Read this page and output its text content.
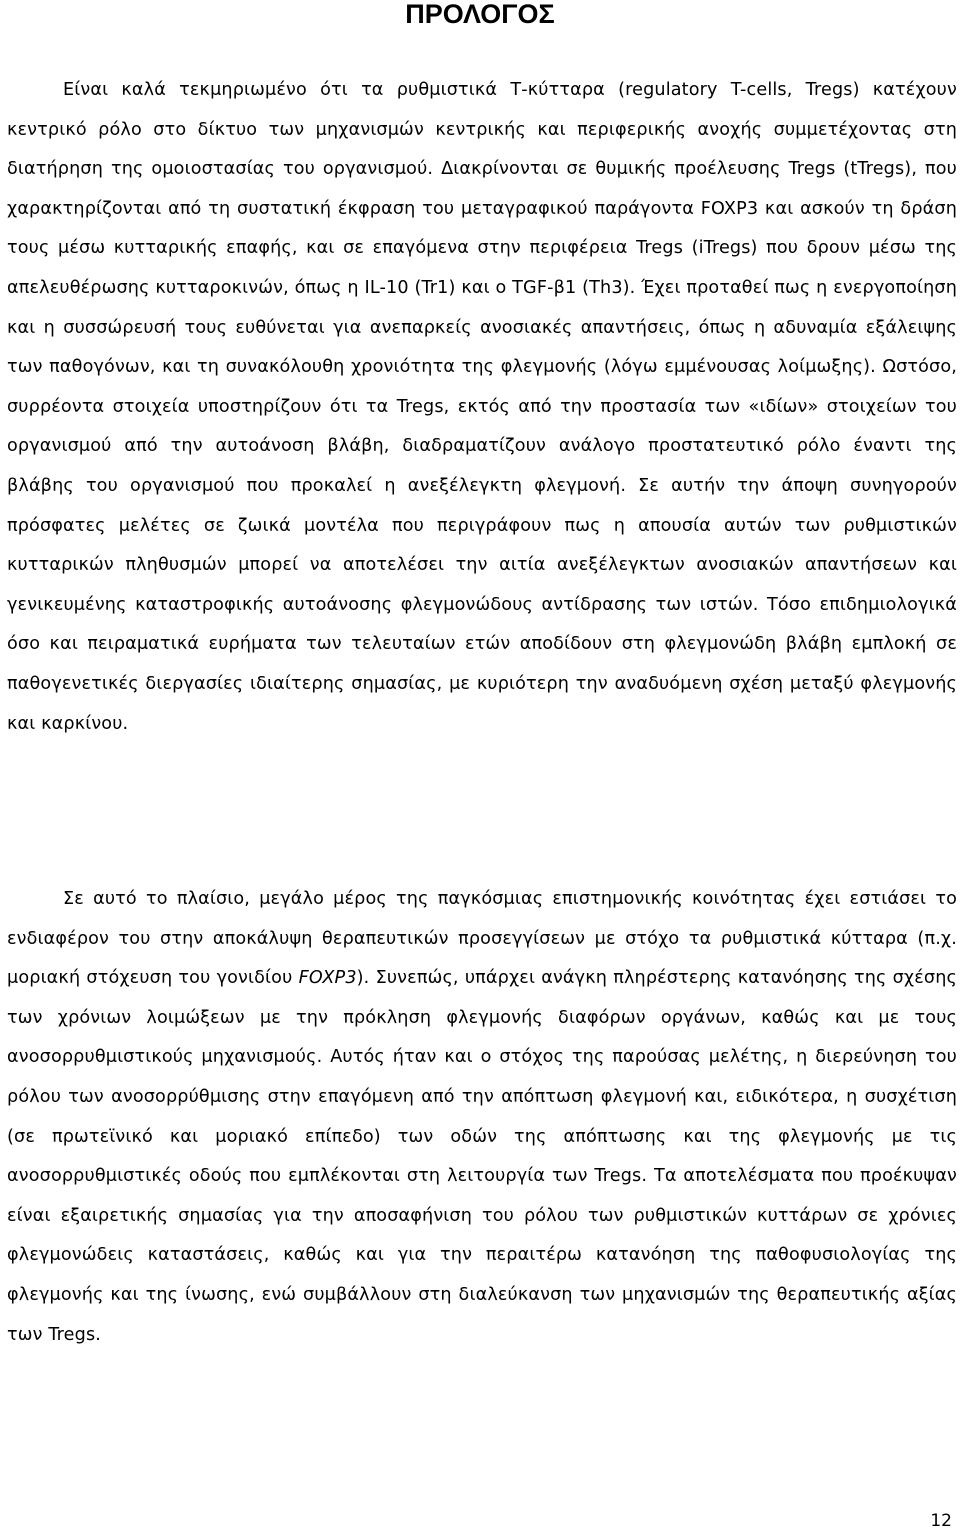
ΠΡΟΛΟΓΟΣ

Είναι καλά τεκμηριωμένο ότι τα ρυθμιστικά Τ-κύτταρα (regulatory T-cells, Tregs) κατέχουν κεντρικό ρόλο στο δίκτυο των μηχανισμών κεντρικής και περιφερικής ανοχής συμμετέχοντας στη διατήρηση της ομοιοστασίας του οργανισμού. Διακρίνονται σε θυμικής προέλευσης Tregs (tTregs), που χαρακτηρίζονται από τη συστατική έκφραση του μεταγραφικού παράγοντα FOXP3 και ασκούν τη δράση τους μέσω κυτταρικής επαφής, και σε επαγόμενα στην περιφέρεια Tregs (iTregs) που δρουν μέσω της απελευθέρωσης κυτταροκινών, όπως η IL-10 (Tr1) και ο TGF-β1 (Th3). Έχει προταθεί πως η ενεργοποίηση και η συσσώρευσή τους ευθύνεται για ανεπαρκείς ανοσιακές απαντήσεις, όπως η αδυναμία εξάλειψης των παθογόνων, και τη συνακόλουθη χρονιότητα της φλεγμονής (λόγω εμμένουσας λοίμωξης). Ωστόσο, συρρέοντα στοιχεία υποστηρίζουν ότι τα Tregs, εκτός από την προστασία των «ιδίων» στοιχείων του οργανισμού από την αυτοάνοση βλάβη, διαδραματίζουν ανάλογο προστατευτικό ρόλο έναντι της βλάβης του οργανισμού που προκαλεί η ανεξέλεγκτη φλεγμονή. Σε αυτήν την άποψη συνηγορούν πρόσφατες μελέτες σε ζωικά μοντέλα που περιγράφουν πως η απουσία αυτών των ρυθμιστικών κυτταρικών πληθυσμών μπορεί να αποτελέσει την αιτία ανεξέλεγκτων ανοσιακών απαντήσεων και γενικευμένης καταστροφικής αυτοάνοσης φλεγμονώδους αντίδρασης των ιστών. Τόσο επιδημιολογικά όσο και πειραματικά ευρήματα των τελευταίων ετών αποδίδουν στη φλεγμονώδη βλάβη εμπλοκή σε παθογενετικές διεργασίες ιδιαίτερης σημασίας, με κυριότερη την αναδυόμενη σχέση μεταξύ φλεγμονής και καρκίνου.

Σε αυτό το πλαίσιο, μεγάλο μέρος της παγκόσμιας επιστημονικής κοινότητας έχει εστιάσει το ενδιαφέρον του στην αποκάλυψη θεραπευτικών προσεγγίσεων με στόχο τα ρυθμιστικά κύτταρα (π.χ. μοριακή στόχευση του γονιδίου FOXP3). Συνεπώς, υπάρχει ανάγκη πληρέστερης κατανόησης της σχέσης των χρόνιων λοιμώξεων με την πρόκληση φλεγμονής διαφόρων οργάνων, καθώς και με τους ανοσορρυθμιστικούς μηχανισμούς. Αυτός ήταν και ο στόχος της παρούσας μελέτης, η διερεύνηση του ρόλου των ανοσορρύθμισης στην επαγόμενη από την απόπτωση φλεγμονή και, ειδικότερα, η συσχέτιση (σε πρωτεϊνικό και μοριακό επίπεδο) των οδών της απόπτωσης και της φλεγμονής με τις ανοσορρυθμιστικές οδούς που εμπλέκονται στη λειτουργία των Tregs. Τα αποτελέσματα που προέκυψαν είναι εξαιρετικής σημασίας για την αποσαφήνιση του ρόλου των ρυθμιστικών κυττάρων σε χρόνιες φλεγμονώδεις καταστάσεις, καθώς και για την περαιτέρω κατανόηση της παθοφυσιολογίας της φλεγμονής και της ίνωσης, ενώ συμβάλλουν στη διαλεύκανση των μηχανισμών της θεραπευτικής αξίας των Tregs.

12
